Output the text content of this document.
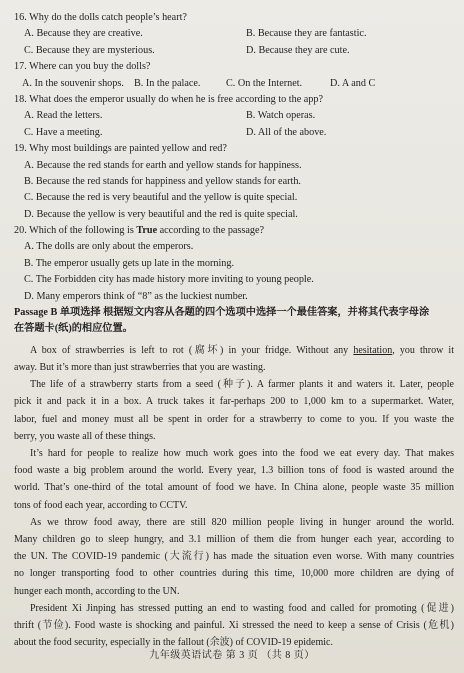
16. Why do the dolls catch people’s heart?
A. Because they are creative.	B. Because they are fantastic.
C. Because they are mysterious.	D. Because they are cute.
17. Where can you buy the dolls?
A. In the souvenir shops. B. In the palace.	C. On the Internet.	D. A and C
18. What does the emperor usually do when he is free according to the app?
A. Read the letters.	B. Watch operas.
C. Have a meeting.	D. All of the above.
19. Why most buildings are painted yellow and red?
A. Because the red stands for earth and yellow stands for happiness.
B. Because the red stands for happiness and yellow stands for earth.
C. Because the red is very beautiful and the yellow is quite special.
D. Because the yellow is very beautiful and the red is quite special.
20. Which of the following is True according to the passage?
A. The dolls are only about the emperors.
B. The emperor usually gets up late in the morning.
C. The Forbidden city has made history more inviting to young people.
D. Many emperors think of “8” as the luckiest number.
Passage B 单项选择 根据短文内容从各题的四个选项中选择一个最佳答案，并将其代表字母涂
在答题卡(纸)的相应位置。
A box of strawberries is left to rot (腐坏) in your fridge. Without any hesitation, you throw it
away. But it’s more than just strawberries that you are wasting.
The life of a strawberry starts from a seed (种子). A farmer plants it and waters it. Later, people
pick it and pack it in a box. A truck takes it far-perhaps 200 to 1,000 km to a supermarket. Water,
labor, fuel and money must all be spent in order for a strawberry to come to you. If you waste the
berry, you waste all of these things.
It’s hard for people to realize how much work goes into the food we eat every day. That makes
food waste a big problem around the world. Every year, 1.3 billion tons of food is wasted around the
world. That’s one-third of the total amount of food we have. In China alone, people waste 35 million
tons of food each year, according to CCTV.
As we throw food away, there are still 820 million people living in hunger around the world.
Many children go to sleep hungry, and 3.1 million of them die from hunger each year, according to
the UN. The COVID-19 pandemic (大流行) has made the situation even worse. With many countries
no longer transporting food to other countries during this time, 10,000 more children are dying of
hunger each month, according to the UN.
President Xi Jinping has stressed putting an end to wasting food and called for promoting (促进)
thrift (节俭). Food waste is shocking and painful. Xi stressed the need to keep a sense of Crisis (危机)
about the food security, especially in the fallout (余波) of COVID-19 epidemic.
九年级英语试卷 第 3 页 （共 8 页）
